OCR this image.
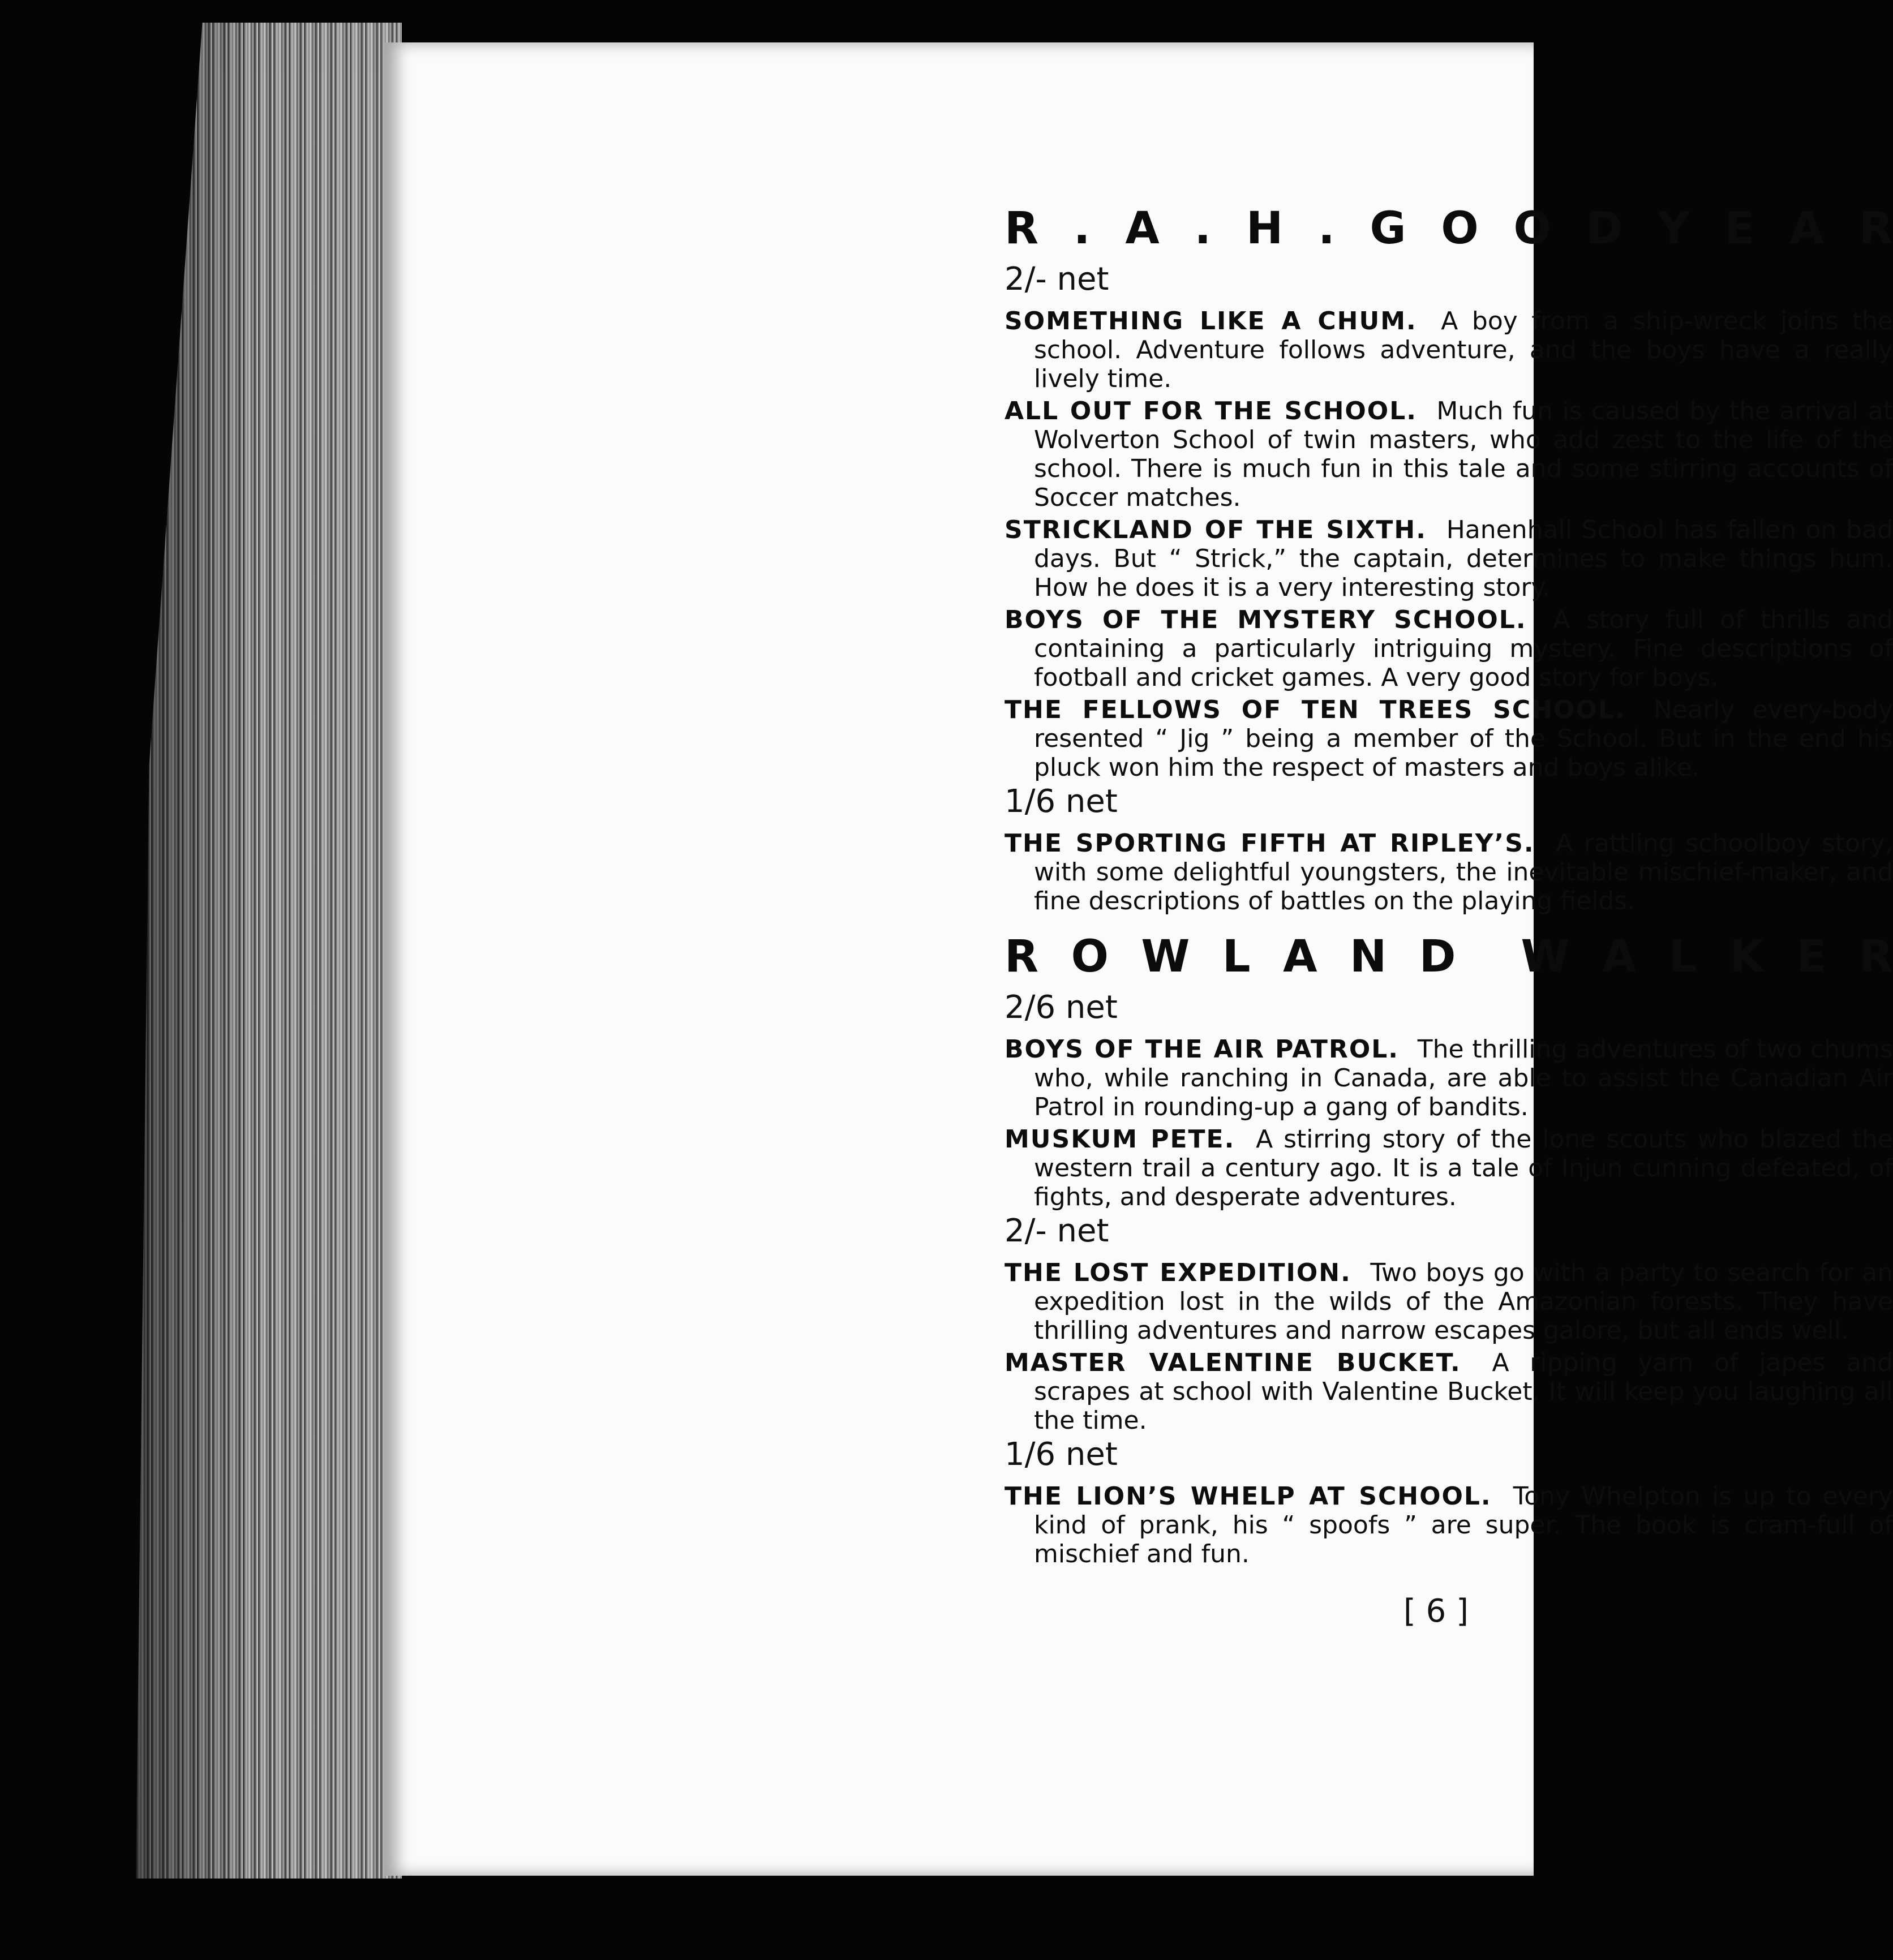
R . A . H . G O O D Y E A R
2/- net

SOMETHING LIKE A CHUM. A boy from a ship-wreck joins the school. Adventure follows adventure, and the boys have a really lively time.

ALL OUT FOR THE SCHOOL. Much fun is caused by the arrival at Wolverton School of twin masters, who add zest to the life of the school. There is much fun in this tale and some stirring accounts of Soccer matches.

STRICKLAND OF THE SIXTH. Hanenhall School has fallen on bad days. But “ Strick,” the captain, determines to make things hum. How he does it is a very interesting story.

BOYS OF THE MYSTERY SCHOOL. A story full of thrills and containing a particularly intriguing mystery. Fine descriptions of football and cricket games. A very good story for boys.

THE FELLOWS OF TEN TREES SCHOOL. Nearly every-body resented “ Jig ” being a member of the School. But in the end his pluck won him the respect of masters and boys alike.

1/6 net

THE SPORTING FIFTH AT RIPLEY’S. A rattling schoolboy story, with some delightful youngsters, the inevitable mischief-maker, and fine descriptions of battles on the playing fields.

R O W L A N D W A L K E R
2/6 net

BOYS OF THE AIR PATROL. The thrilling adventures of two chums who, while ranching in Canada, are able to assist the Canadian Air Patrol in rounding-up a gang of bandits.

MUSKUM PETE. A stirring story of the lone scouts who blazed the western trail a century ago. It is a tale of Injun cunning defeated, of fights, and desperate adventures.

2/- net

THE LOST EXPEDITION. Two boys go with a party to search for an expedition lost in the wilds of the Amazonian forests. They have thrilling adventures and narrow escapes galore, but all ends well.

MASTER VALENTINE BUCKET. A ripping yarn of japes and scrapes at school with Valentine Bucket. It will keep you laughing all the time.

1/6 net

THE LION’S WHELP AT SCHOOL. Tony Whelpton is up to every kind of prank, his “ spoofs ” are super. The book is cram-full of mischief and fun.

[ 6 ]
